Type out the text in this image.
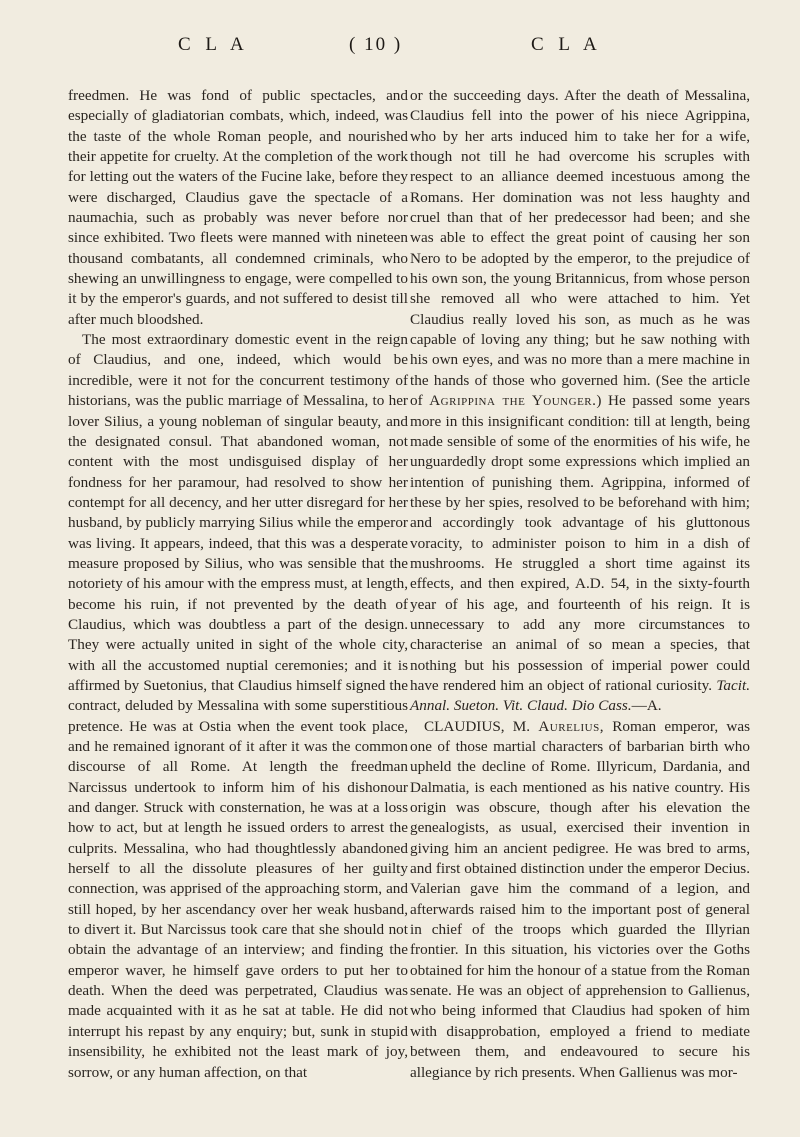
C L A	( 10 )	C L A

freedmen. He was fond of public spectacles, and especially of gladiatorian combats, which, indeed, was the taste of the whole Roman people, and nourished their appetite for cruelty. At the completion of the work for letting out the waters of the Fucine lake, before they were discharged, Claudius gave the spectacle of a naumachia, such as probably was never before nor since exhibited. Two fleets were manned with nineteen thousand combatants, all condemned criminals, who shewing an unwillingness to engage, were compelled to it by the emperor's guards, and not suffered to desist till after much bloodshed.

The most extraordinary domestic event in the reign of Claudius, and one, indeed, which would be incredible, were it not for the concurrent testimony of historians, was the public marriage of Messalina, to her lover Silius, a young nobleman of singular beauty, and the designated consul. That abandoned woman, not content with the most undisguised display of her fondness for her paramour, had resolved to show her contempt for all decency, and her utter disregard for her husband, by publicly marrying Silius while the emperor was living. It appears, indeed, that this was a desperate measure proposed by Silius, who was sensible that the notoriety of his amour with the empress must, at length, become his ruin, if not prevented by the death of Claudius, which was doubtless a part of the design. They were actually united in sight of the whole city, with all the accustomed nuptial ceremonies; and it is affirmed by Suetonius, that Claudius himself signed the contract, deluded by Messalina with some superstitious pretence. He was at Ostia when the event took place, and he remained ignorant of it after it was the common discourse of all Rome. At length the freedman Narcissus undertook to inform him of his dishonour and danger. Struck with consternation, he was at a loss how to act, but at length he issued orders to arrest the culprits. Messalina, who had thoughtlessly abandoned herself to all the dissolute pleasures of her guilty connection, was apprised of the approaching storm, and still hoped, by her ascendancy over her weak husband, to divert it. But Narcissus took care that she should not obtain the advantage of an interview; and finding the emperor waver, he himself gave orders to put her to death. When the deed was perpetrated, Claudius was made acquainted with it as he sat at table. He did not interrupt his repast by any enquiry; but, sunk in stupid insensibility, he exhibited not the least mark of joy, sorrow, or any human affection, on that

or the succeeding days. After the death of Messalina, Claudius fell into the power of his niece Agrippina, who by her arts induced him to take her for a wife, though not till he had overcome his scruples with respect to an alliance deemed incestuous among the Romans. Her domination was not less haughty and cruel than that of her predecessor had been; and she was able to effect the great point of causing her son Nero to be adopted by the emperor, to the prejudice of his own son, the young Britannicus, from whose person she removed all who were attached to him. Yet Claudius really loved his son, as much as he was capable of loving any thing; but he saw nothing with his own eyes, and was no more than a mere machine in the hands of those who governed him. (See the article of Agrippina the Younger.) He passed some years more in this insignificant condition: till at length, being made sensible of some of the enormities of his wife, he unguardedly dropt some expressions which implied an intention of punishing them. Agrippina, informed of these by her spies, resolved to be beforehand with him; and accordingly took advantage of his gluttonous voracity, to administer poison to him in a dish of mushrooms. He struggled a short time against its effects, and then expired, A.D. 54, in the sixty-fourth year of his age, and fourteenth of his reign. It is unnecessary to add any more circumstances to characterise an animal of so mean a species, that nothing but his possession of imperial power could have rendered him an object of rational curiosity. Tacit. Annal. Sueton. Vit. Claud. Dio Cass.—A.

CLAUDIUS, M. Aurelius, Roman emperor, was one of those martial characters of barbarian birth who upheld the decline of Rome. Illyricum, Dardania, and Dalmatia, is each mentioned as his native country. His origin was obscure, though after his elevation the genealogists, as usual, exercised their invention in giving him an ancient pedigree. He was bred to arms, and first obtained distinction under the emperor Decius. Valerian gave him the command of a legion, and afterwards raised him to the important post of general in chief of the troops which guarded the Illyrian frontier. In this situation, his victories over the Goths obtained for him the honour of a statue from the Roman senate. He was an object of apprehension to Gallienus, who being informed that Claudius had spoken of him with disapprobation, employed a friend to mediate between them, and endeavoured to secure his allegiance by rich presents. When Gallienus was mor-
